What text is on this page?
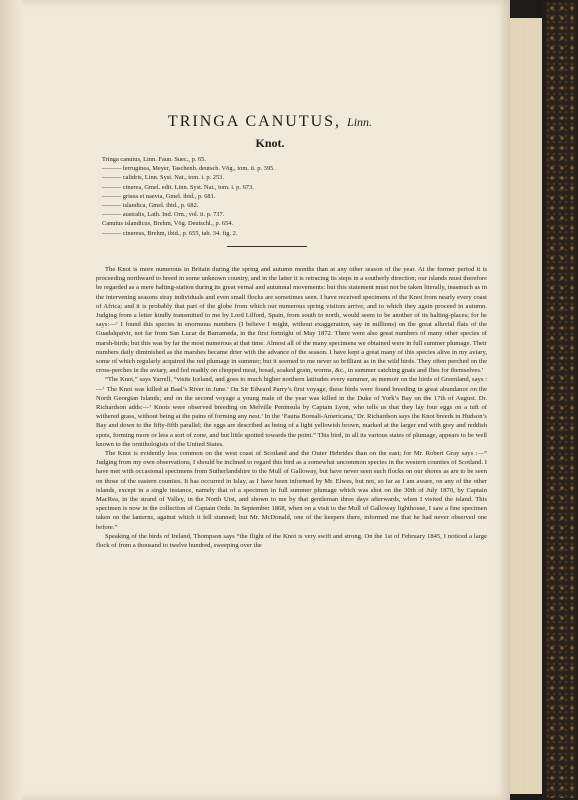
TRINGA CANUTUS, Linn.
Knot.
Tringa canutus, Linn. Faun. Suec., p. 65.
——— ferruginea, Meyer, Taschenb. deutsch. Vög., tom. ii. p. 395.
——— calidris, Linn. Syst. Nat., tom. i. p. 253.
——— cinerea, Gmel. edit. Linn. Syst. Nat., tom. i. p. 673.
——— grisea et naevia, Gmel. ibid., p. 681.
——— islandica, Gmel. ibid., p. 682.
——— australis, Lath. Ind. Orn., vol. ii. p. 737.
Canutus islandicus, Brehm, Vög. Deutschl., p. 654.
——— cinereus, Brehm, ibid., p. 655, tab. 34. fig. 2.

The Knot is more numerous in Britain during the spring and autumn months than at any other season of the year. At the former period it is proceeding northward to breed in some unknown country, and in the latter it is retracing its steps in a southerly direction; our islands must therefore be regarded as a mere halting-station during its great vernal and autumnal movements: but this statement must not be taken literally, inasmuch as in the intervening seasons stray individuals and even small flocks are sometimes seen. I have received specimens of the Knot from nearly every coast of Africa; and it is probably that part of the globe from which our numerous spring visitors arrive, and to which they again proceed in autumn. Judging from a letter kindly transmitted to me by Lord Lilford, Spain, from south to north, would seem to be another of its halting-places; for he says:—‘ I found this species in enormous numbers (I believe I might, without exaggeration, say in millions) on the great alluvial flats of the Guadalquivir, not far from San Lucar de Barrameda, in the first fortnight of May 1872. There were also great numbers of many other species of marsh-birds; but this was by far the most numerous at that time. Almost all of the many specimens we obtained were in full summer plumage. Their numbers daily diminished as the marshes became drier with the advance of the season. I have kept a great many of this species alive in my aviary, some of which regularly acquired the red plumage in summer; but it seemed to me never so brilliant as in the wild birds. They often perched on the cross-perches in the aviary, and fed readily on chopped meat, bread, soaked grain, worms, &c., in summer catching gnats and flies for themselves.’

“The Knot,” says Yarrell, “visits Iceland, and goes to much higher northern latitudes every summer, as memoir on the birds of Greenland, says :—‘ The Knot was killed at Baal’s River in June.’ On Sir Edward Parry’s first voyage, these birds were found breeding in great abundance on the North Georgian Islands; and on the second voyage a young male of the year was killed in the Duke of York’s Bay on the 17th of August. Dr. Richardson adds:—‘ Knots were observed breeding on Melville Peninsula by Captain Lyon, who tells us that they lay four eggs on a tuft of withered grass, without being at the pains of forming any nest.’ In the ‘Fauna Boreali-Americana,’ Dr. Richardson says the Knot breeds in Hudson’s Bay and down to the fifty-fifth parallel; the eggs are described as being of a light yellowish brown, marked at the larger end with grey and reddish spots, forming more or less a sort of zone, and but little spotted towards the point.” This bird, in all its various states of plumage, appears to be well known to the ornithologists of the United States.

The Knot is evidently less common on the west coast of Scotland and the Outer Hebrides than on the east; for Mr. Robert Gray says :—“ Judging from my own observations, I should be inclined to regard this bird as a somewhat uncommon species in the western counties of Scotland. I have met with occasional specimens from Sutherlandshire to the Mull of Galloway, but have never seen such flocks on our shores as are to be seen on those of the eastern counties. It has occurred in Islay, as I have been informed by Mr. Elwes, but not, so far as I am aware, on any of the other islands, except in a single instance, namely that of a specimen in full summer plumage which was shot on the 30th of July 1870, by Captain MacRea, in the strand of Valley, in the North Uist, and shown to me by that gentleman three days afterwards, when I visited the island. This specimen is now in the collection of Captain Orde. In September 1868, when on a visit to the Mull of Galloway lighthouse, I saw a fine specimen taken on the lanterns, against which it fell stunned; but Mr. McDonald, one of the keepers there, informed me that he had never observed one before.”

Speaking of the birds of Ireland, Thompson says “the flight of the Knot is very swift and strong. On the 1st of February 1845, I noticed a large flock of from a thousand to twelve hundred, sweeping over the
